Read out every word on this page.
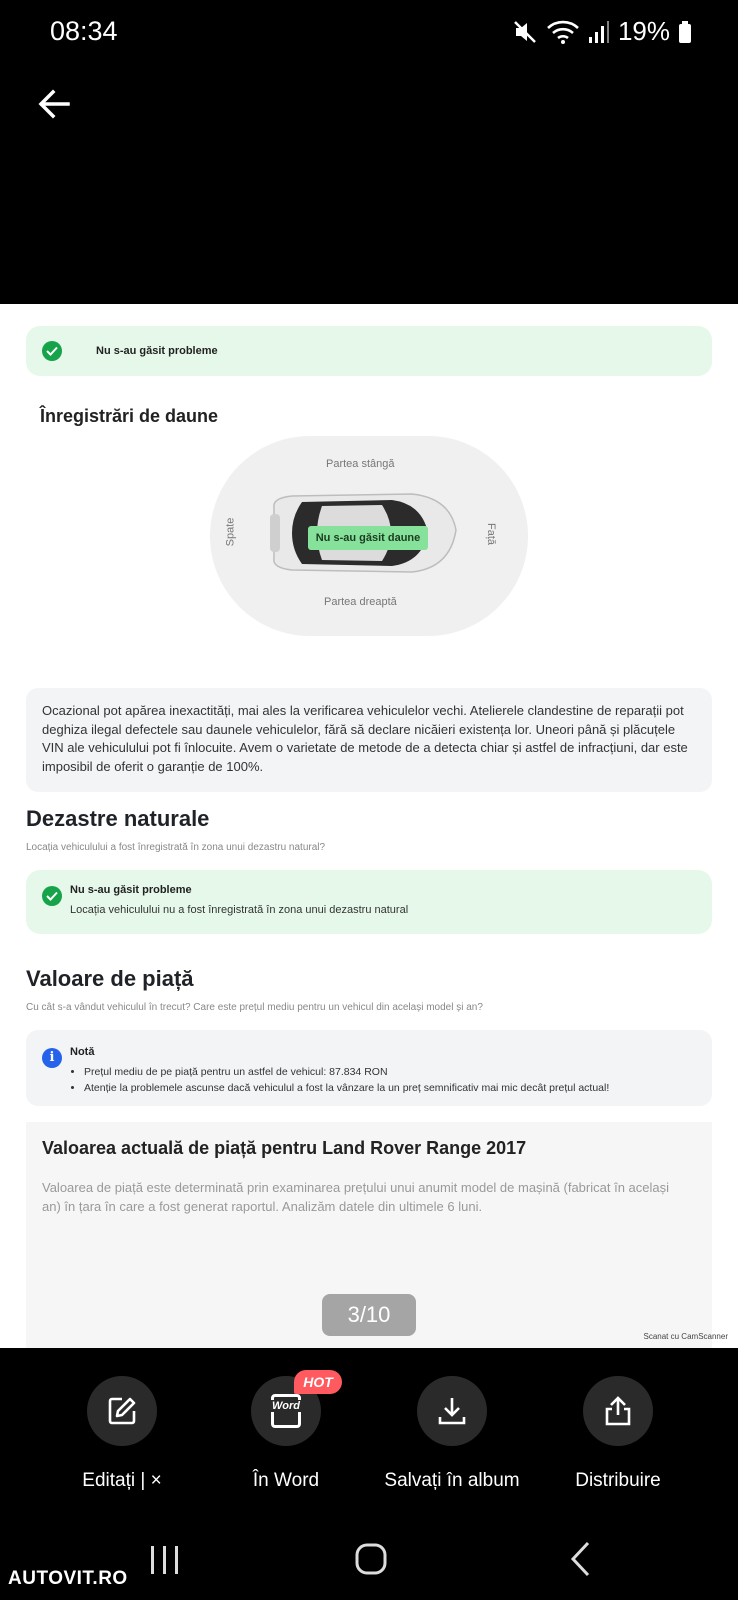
08:34	19%
Nu s-au găsit probleme
Înregistrări de daune
Partea stângă
Partea dreaptă
Spate	Față
Nu s-au găsit daune

Ocazional pot apărea inexactități, mai ales la verificarea vehiculelor vechi. Atelierele clandestine de reparații pot deghiza ilegal defectele sau daunele vehiculelor, fără să declare nicăieri existența lor. Uneori până și plăcuțele VIN ale vehiculului pot fi înlocuite. Avem o varietate de metode de a detecta chiar și astfel de infracțiuni, dar este imposibil de oferit o garanție de 100%.

Dezastre naturale
Locația vehiculului a fost înregistrată în zona unui dezastru natural?
Nu s-au găsit probleme
Locația vehiculului nu a fost înregistrată în zona unui dezastru natural
Valoare de piață
Cu cât s-a vândut vehiculul în trecut? Care este prețul mediu pentru un vehicul din același model și an?
i	Notă
• Prețul mediu de pe piață pentru un astfel de vehicul: 87.834 RON
• Atenție la problemele ascunse dacă vehiculul a fost la vânzare la un preț semnificativ mai mic decât prețul actual!
Valoarea actuală de piață pentru Land Rover Range 2017

Valoarea de piață este determinată prin examinarea prețului unui anumit model de mașină (fabricat în același an) în țara în care a fost generat raportul. Analizăm datele din ultimele 6 luni.

3/10
Scanat cu CamScanner
Editați | ×
Word
În Word
HOT
Salvați în album	Distribuire
AUTOVIT.RO
